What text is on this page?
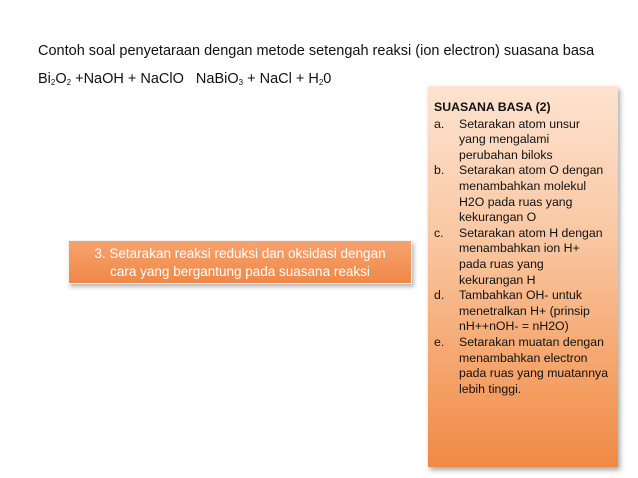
Contoh soal penyetaraan dengan metode setengah reaksi (ion electron) suasana basa
$Bi_2O_2$ +NaOH + NaClO NaBiO$_3$ + NaCl + $H_20$
3. Setarakan reaksi reduksi dan oksidasi dengan
cara yang bergantung pada suasana reaksi
SUASANA BASA (2)
a.	Setarakan atom unsur yang mengalami perubahan biloks
b.	Setarakan atom O dengan menambahkan molekul H2O pada ruas yang kekurangan O
c.	Setarakan atom H dengan menambahkan ion H+ pada ruas yang kekurangan H
d.	Tambahkan OH- untuk menetralkan H+ (prinsip nH++nOH- = nH2O)
e.	Setarakan muatan dengan menambahkan electron pada ruas yang muatannya lebih tinggi.
